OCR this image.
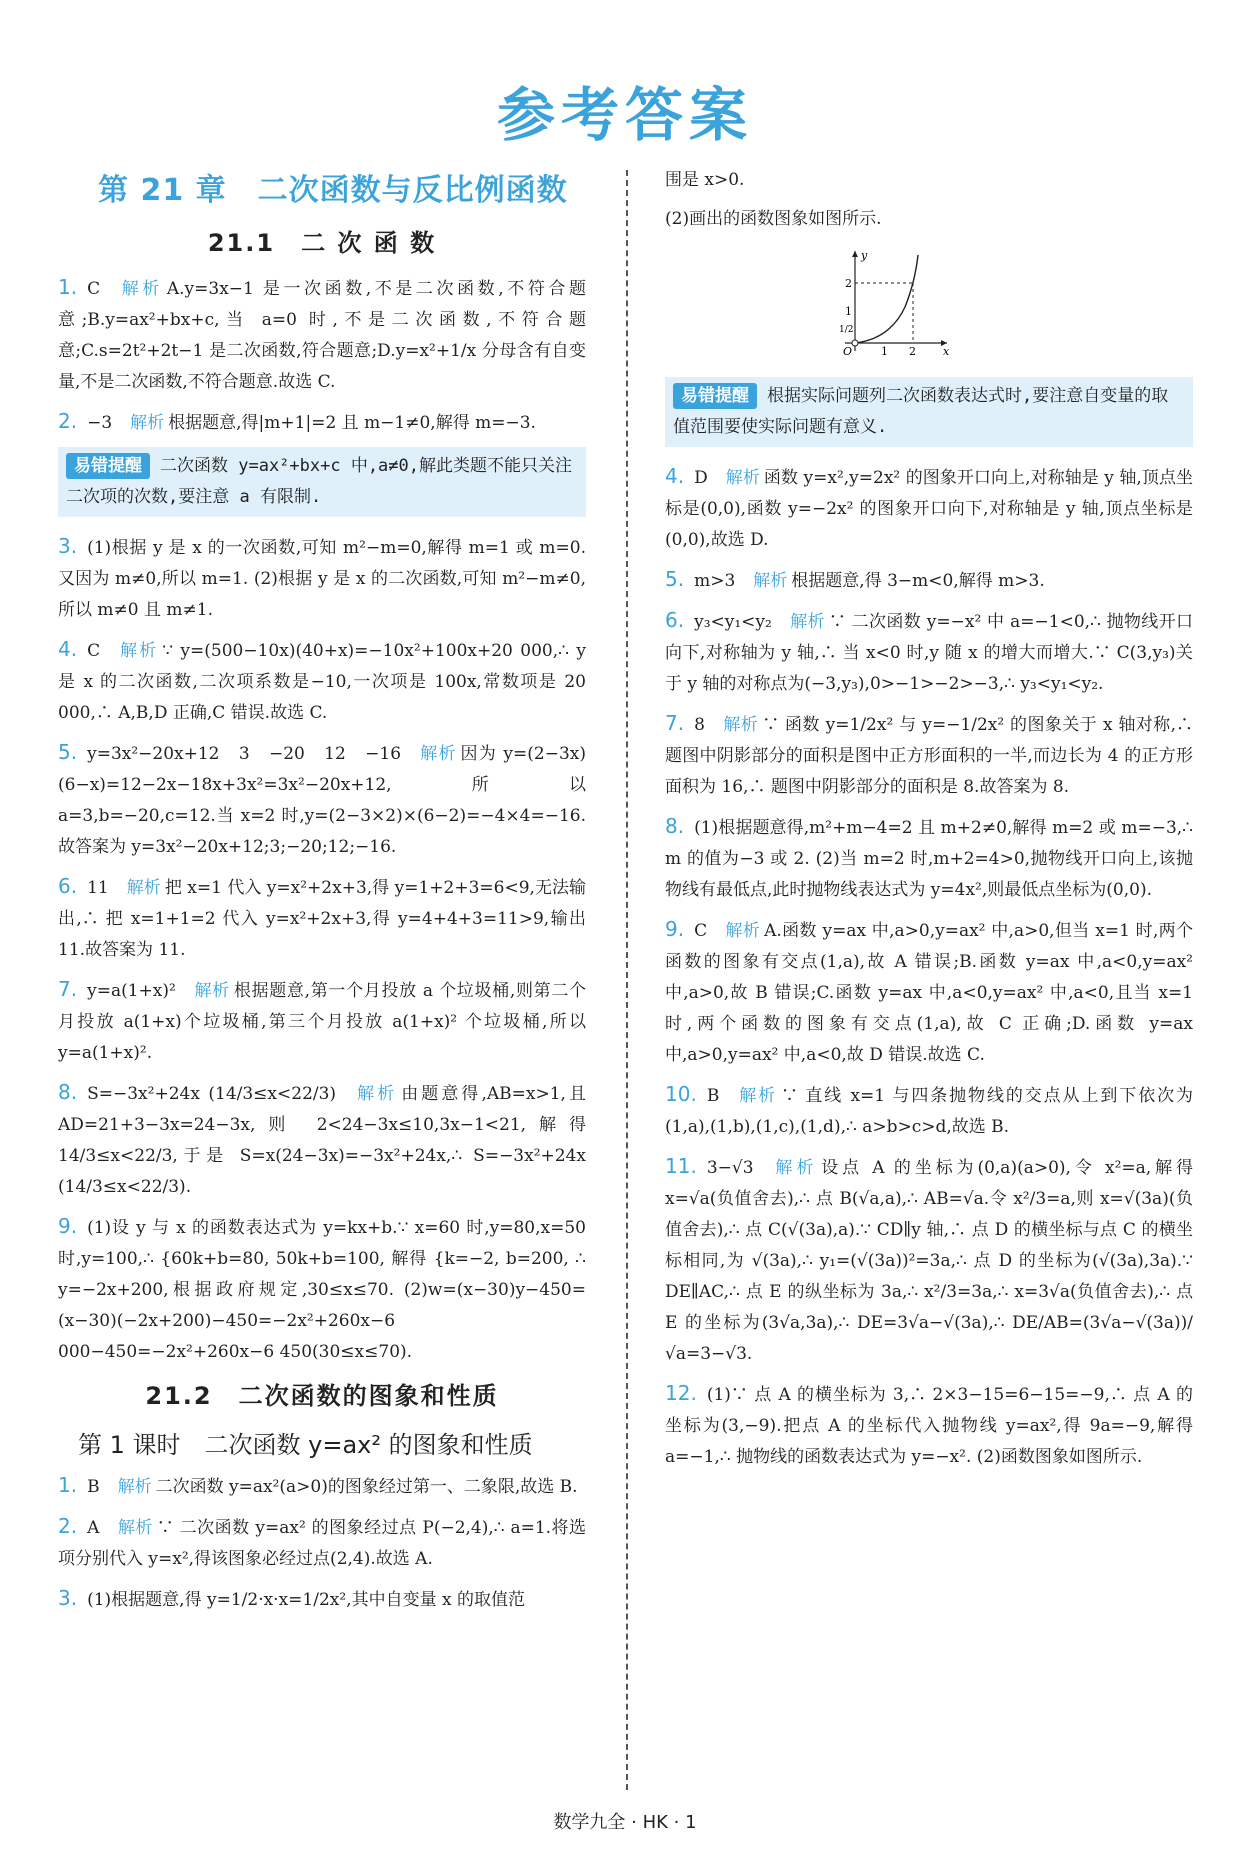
参考答案
第 21 章　二次函数与反比例函数
21.1　二 次 函 数
1. C 解析 A.y=3x−1 是一次函数,不是二次函数,不符合题意;B.y=ax²+bx+c,当 a=0 时,不是二次函数,不符合题意;C.s=2t²+2t−1 是二次函数,符合题意;D.y=x²+1/x 分母含有自变量,不是二次函数,不符合题意.故选 C.
2. −3 解析 根据题意,得|m+1|=2 且 m−1≠0,解得 m=−3.
易错提醒 二次函数 y=ax²+bx+c 中,a≠0,解此类题不能只关注二次项的次数,要注意 a 有限制.
3. (1)根据 y 是 x 的一次函数,可知 m²−m=0,解得 m=1 或 m=0.又因为 m≠0,所以 m=1. (2)根据 y 是 x 的二次函数,可知 m²−m≠0,所以 m≠0 且 m≠1.
4. C 解析 ∵ y=(500−10x)(40+x)=−10x²+100x+20 000,∴ y 是 x 的二次函数,二次项系数是−10,一次项是 100x,常数项是 20 000,∴ A,B,D 正确,C 错误.故选 C.
5. y=3x²−20x+12　3　−20　12　−16 解析 因为 y=(2−3x)(6−x)=12−2x−18x+3x²=3x²−20x+12,所以 a=3,b=−20,c=12.当 x=2 时,y=(2−3×2)×(6−2)=−4×4=−16.故答案为 y=3x²−20x+12;3;−20;12;−16.
6. 11 解析 把 x=1 代入 y=x²+2x+3,得 y=1+2+3=6<9,无法输出,∴ 把 x=1+1=2 代入 y=x²+2x+3,得 y=4+4+3=11>9,输出 11.故答案为 11.
7. y=a(1+x)² 解析 根据题意,第一个月投放 a 个垃圾桶,则第二个月投放 a(1+x)个垃圾桶,第三个月投放 a(1+x)² 个垃圾桶,所以 y=a(1+x)².
8. S=−3x²+24x (14/3≤x<22/3) 解析 由题意得,AB=x>1,且 AD=21+3−3x=24−3x,则 2<24−3x≤10,3x−1<21,解得 14/3≤x<22/3,于是 S=x(24−3x)=−3x²+24x,∴ S=−3x²+24x (14/3≤x<22/3).
9. (1)设 y 与 x 的函数表达式为 y=kx+b.∵ x=60 时,y=80,x=50 时,y=100,∴ {60k+b=80, 50k+b=100, 解得 {k=−2, b=200, ∴ y=−2x+200,根据政府规定,30≤x≤70. (2)w=(x−30)y−450=(x−30)(−2x+200)−450=−2x²+260x−6 000−450=−2x²+260x−6 450(30≤x≤70).
21.2　二次函数的图象和性质
第 1 课时　二次函数 y=ax² 的图象和性质
1. B 解析 二次函数 y=ax²(a>0)的图象经过第一、二象限,故选 B.
2. A 解析 ∵ 二次函数 y=ax² 的图象经过点 P(−2,4),∴ a=1.将选项分别代入 y=x²,得该图象必经过点(2,4).故选 A.
3. (1)根据题意,得 y=1/2·x·x=1/2x²,其中自变量 x 的取值范
围是 x>0.
(2)画出的函数图象如图所示.
y
x
O	1 2
2
1
1/2
易错提醒 根据实际问题列二次函数表达式时,要注意自变量的取值范围要使实际问题有意义.
4. D 解析 函数 y=x²,y=2x² 的图象开口向上,对称轴是 y 轴,顶点坐标是(0,0),函数 y=−2x² 的图象开口向下,对称轴是 y 轴,顶点坐标是(0,0),故选 D.
5. m>3 解析 根据题意,得 3−m<0,解得 m>3.
6. y₃<y₁<y₂ 解析 ∵ 二次函数 y=−x² 中 a=−1<0,∴ 抛物线开口向下,对称轴为 y 轴,∴ 当 x<0 时,y 随 x 的增大而增大.∵ C(3,y₃)关于 y 轴的对称点为(−3,y₃),0>−1>−2>−3,∴ y₃<y₁<y₂.
7. 8 解析 ∵ 函数 y=1/2x² 与 y=−1/2x² 的图象关于 x 轴对称,∴ 题图中阴影部分的面积是图中正方形面积的一半,而边长为 4 的正方形面积为 16,∴ 题图中阴影部分的面积是 8.故答案为 8.
8. (1)根据题意得,m²+m−4=2 且 m+2≠0,解得 m=2 或 m=−3,∴ m 的值为−3 或 2. (2)当 m=2 时,m+2=4>0,抛物线开口向上,该抛物线有最低点,此时抛物线表达式为 y=4x²,则最低点坐标为(0,0).
9. C 解析 A.函数 y=ax 中,a>0,y=ax² 中,a>0,但当 x=1 时,两个函数的图象有交点(1,a),故 A 错误;B.函数 y=ax 中,a<0,y=ax² 中,a>0,故 B 错误;C.函数 y=ax 中,a<0,y=ax² 中,a<0,且当 x=1 时,两个函数的图象有交点(1,a),故 C 正确;D.函数 y=ax 中,a>0,y=ax² 中,a<0,故 D 错误.故选 C.
10. B 解析 ∵ 直线 x=1 与四条抛物线的交点从上到下依次为(1,a),(1,b),(1,c),(1,d),∴ a>b>c>d,故选 B.
11. 3−√3 解析 设点 A 的坐标为(0,a)(a>0),令 x²=a,解得 x=√a(负值舍去),∴ 点 B(√a,a),∴ AB=√a.令 x²/3=a,则 x=√(3a)(负值舍去),∴ 点 C(√(3a),a).∵ CD∥y 轴,∴ 点 D 的横坐标与点 C 的横坐标相同,为 √(3a),∴ y₁=(√(3a))²=3a,∴ 点 D 的坐标为(√(3a),3a).∵ DE∥AC,∴ 点 E 的纵坐标为 3a,∴ x²/3=3a,∴ x=3√a(负值舍去),∴ 点 E 的坐标为(3√a,3a),∴ DE=3√a−√(3a),∴ DE/AB=(3√a−√(3a))/√a=3−√3.
12. (1)∵ 点 A 的横坐标为 3,∴ 2×3−15=6−15=−9,∴ 点 A 的坐标为(3,−9).把点 A 的坐标代入抛物线 y=ax²,得 9a=−9,解得 a=−1,∴ 抛物线的函数表达式为 y=−x². (2)函数图象如图所示.
数学九全 · HK · 1
